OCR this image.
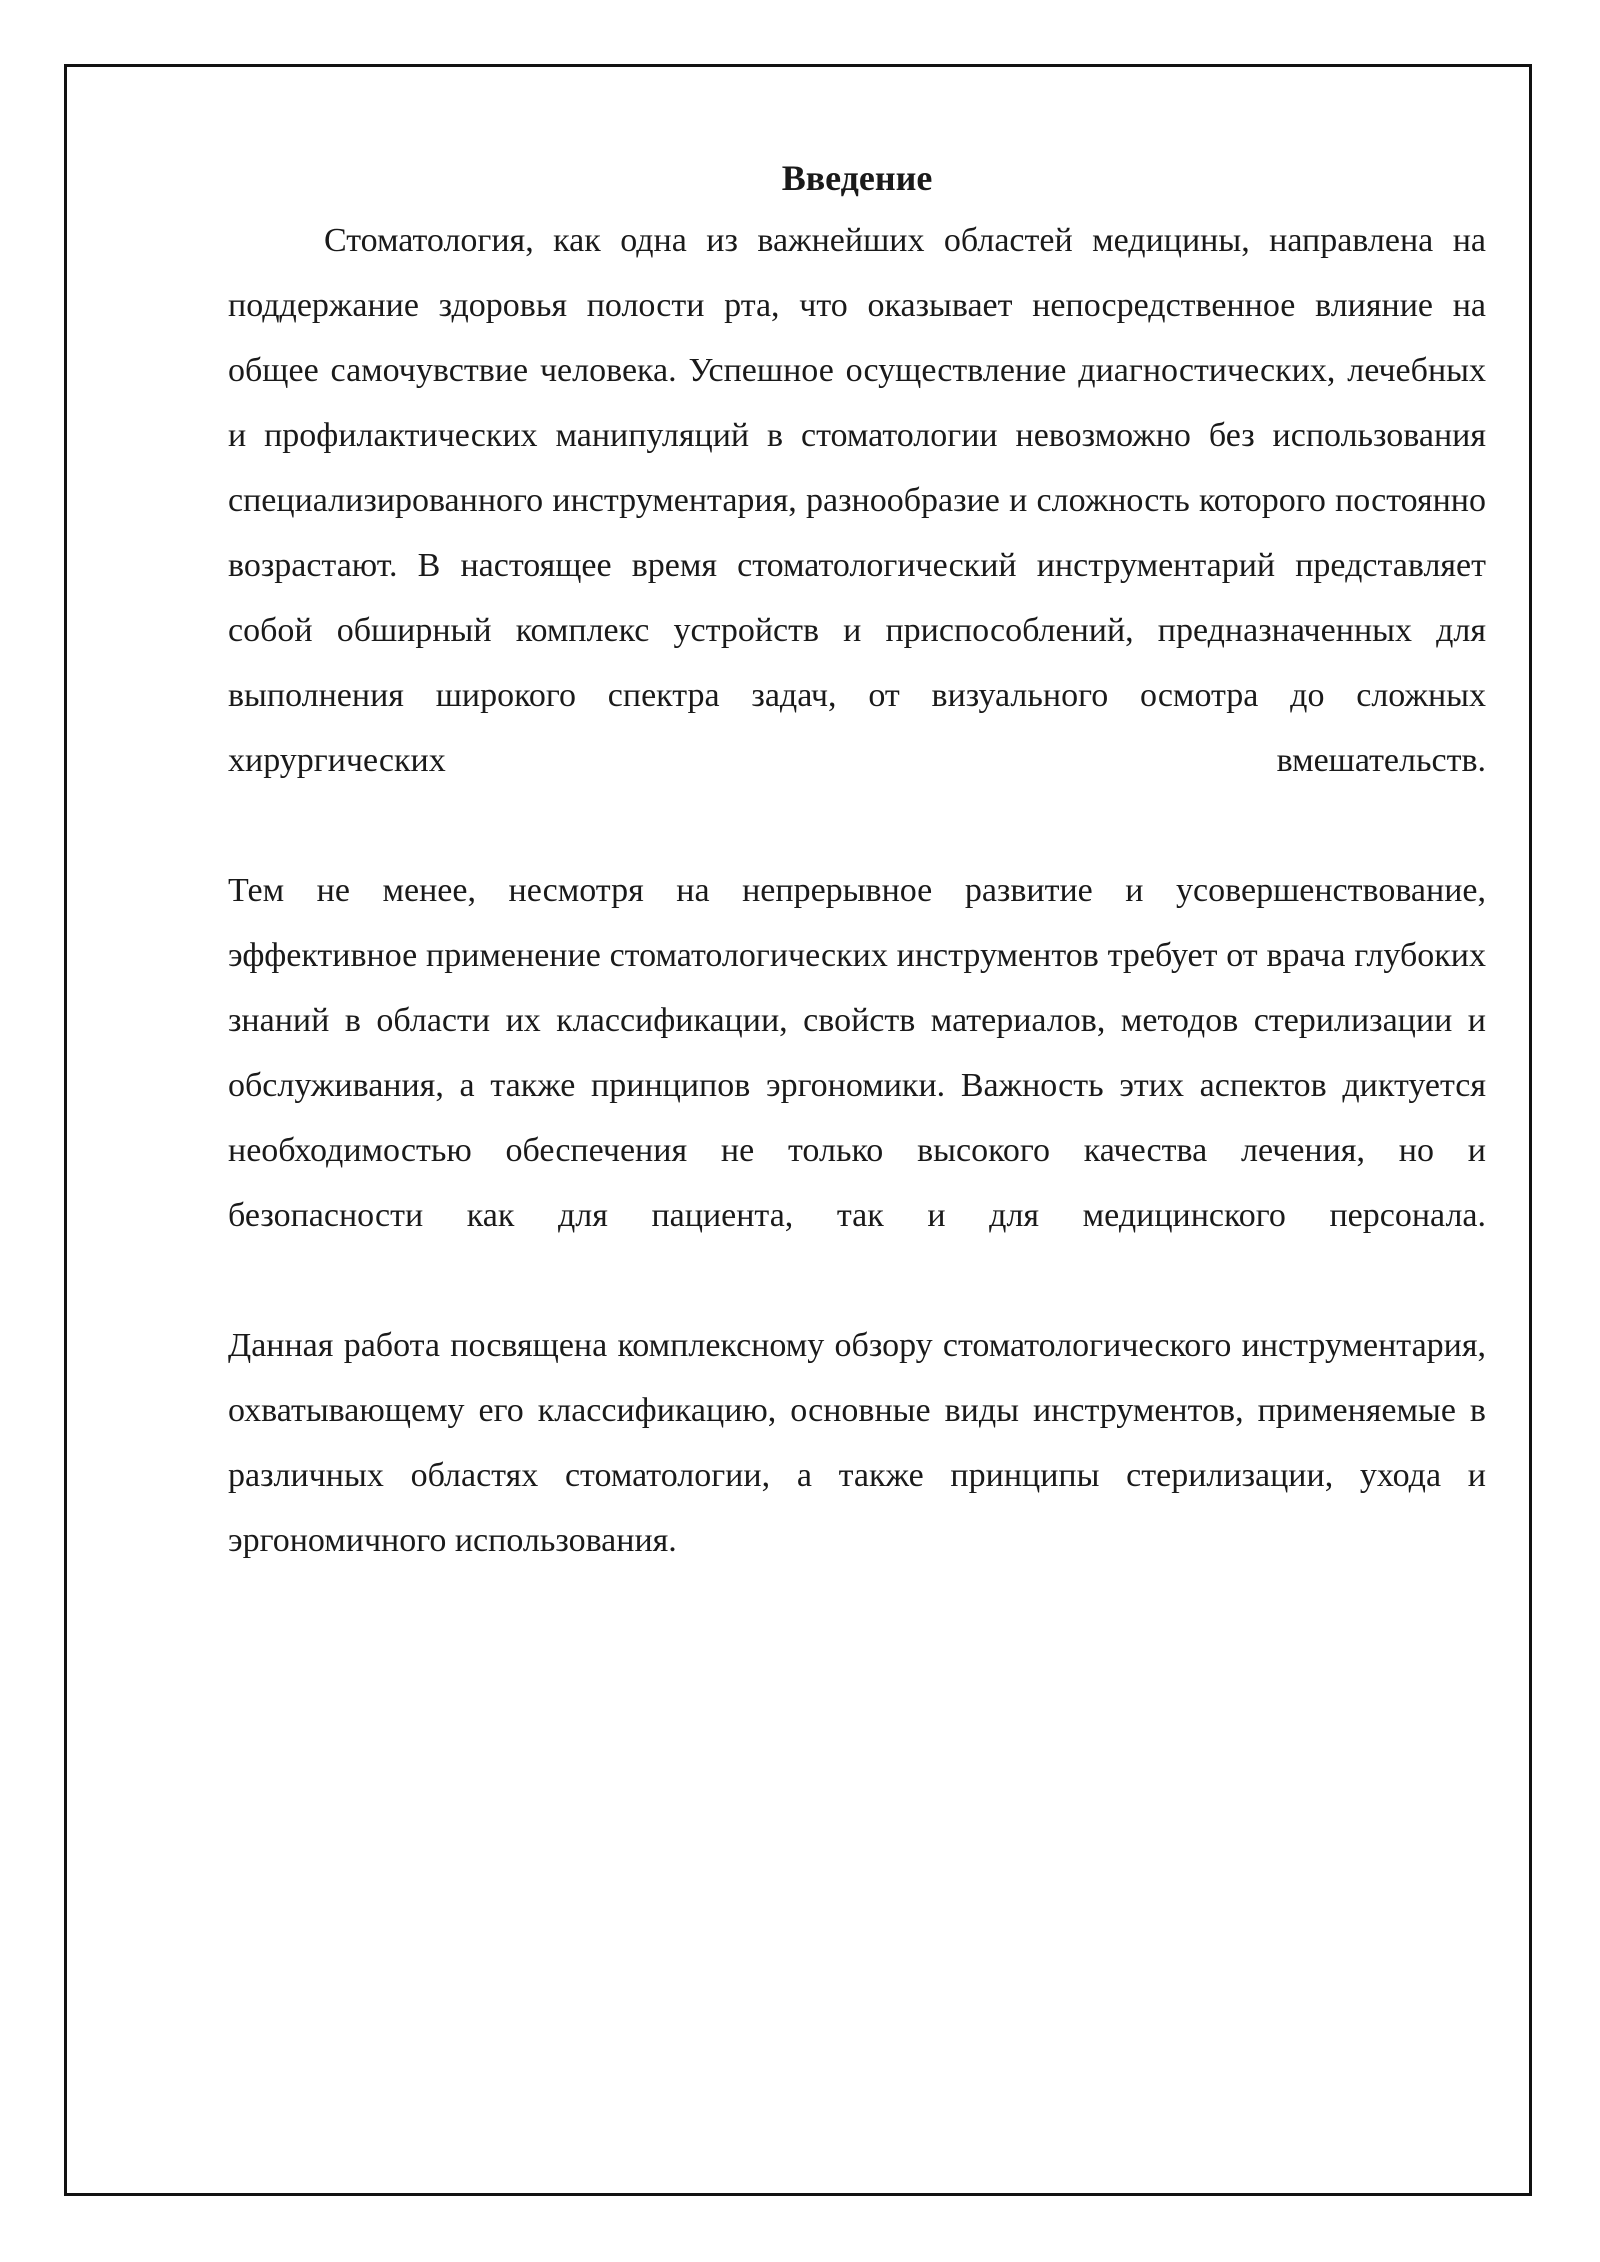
Введение

Стоматология, как одна из важнейших областей медицины, направлена на поддержание здоровья полости рта, что оказывает непосредственное влияние на общее самочувствие человека. Успешное осуществление диагностических, лечебных и профилактических манипуляций в стоматологии невозможно без использования специализированного инструментария, разнообразие и сложность которого постоянно возрастают. В настоящее время стоматологический инструментарий представляет собой обширный комплекс устройств и приспособлений, предназначенных для выполнения широкого спектра задач, от визуального осмотра до сложных хирургических вмешательств.

Тем не менее, несмотря на непрерывное развитие и усовершенствование, эффективное применение стоматологических инструментов требует от врача глубоких знаний в области их классификации, свойств материалов, методов стерилизации и обслуживания, а также принципов эргономики. Важность этих аспектов диктуется необходимостью обеспечения не только высокого качества лечения, но и безопасности как для пациента, так и для медицинского персонала.

Данная работа посвящена комплексному обзору стоматологического инструментария, охватывающему его классификацию, основные виды инструментов, применяемые в различных областях стоматологии, а также принципы стерилизации, ухода и эргономичного использования.
